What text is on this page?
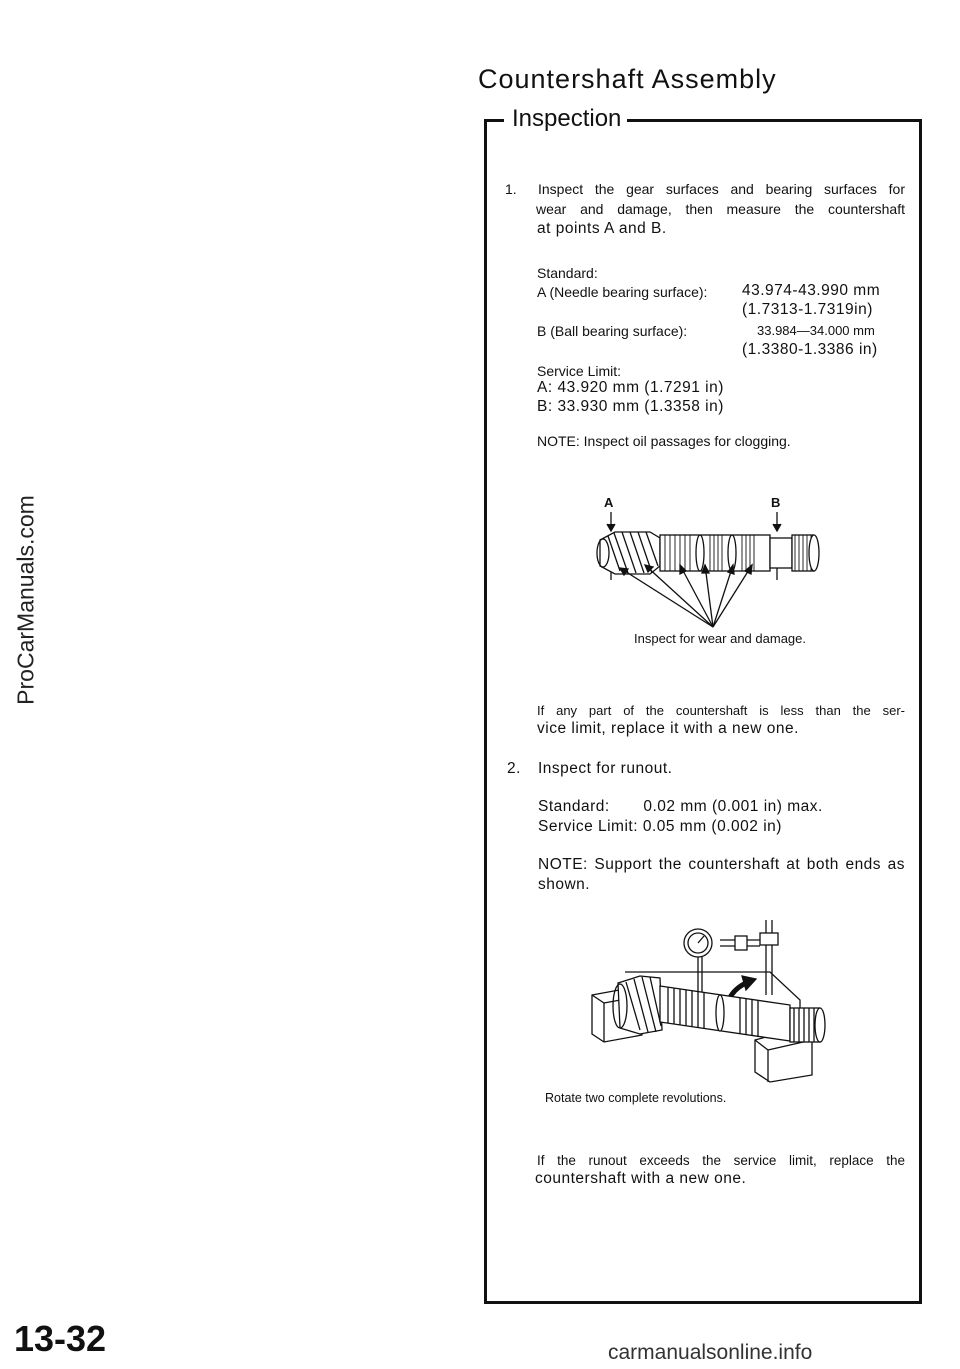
ProCarManuals.com
Countershaft Assembly
Inspection
1. Inspect the gear surfaces and bearing surfaces for
wear and damage, then measure the countershaft
at points A and B.
Standard:
A (Needle bearing surface): 43.974-43.990 mm
(1.7313-1.7319in)
B (Ball bearing surface):	33.984—34.000 mm
(1.3380-1.3386 in)
Service Limit:
A: 43.920 mm (1.7291 in)
B: 33.930 mm (1.3358 in)
NOTE: Inspect oil passages for clogging.
A	B
Inspect for wear and damage.
If any part of the countershaft is less than the ser-
vice limit, replace it with a new one.
2. Inspect for runout.
Standard:       0.02 mm (0.001 in) max.
Service Limit: 0.05 mm (0.002 in)
NOTE: Support the countershaft at both ends as
shown.
Rotate two complete revolutions.
If the runout exceeds the service limit, replace the
countershaft with a new one.
13-32	carmanualsonline.info
